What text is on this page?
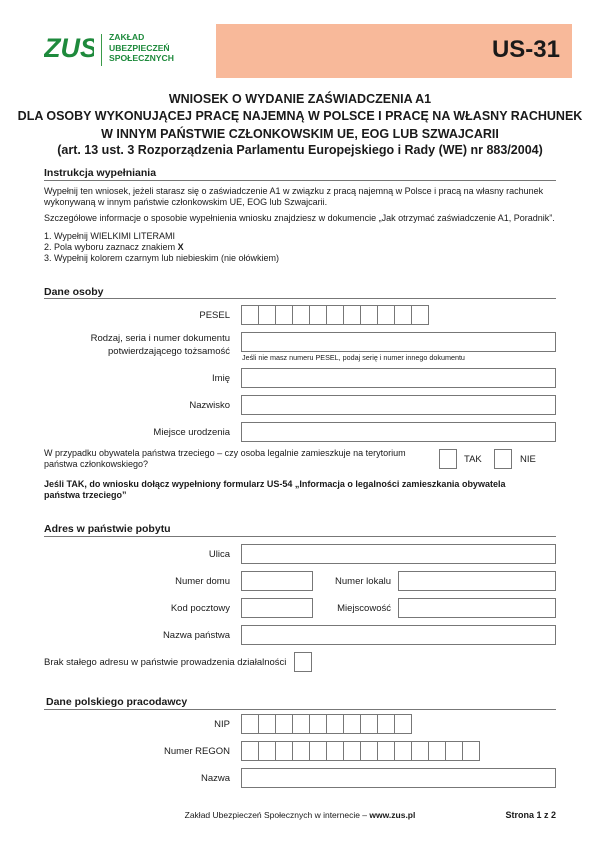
ZUS ZAKŁAD
UBEZPIECZEŃ
SPOŁECZNYCH	US-31
WNIOSEK O WYDANIE ZAŚWIADCZENIA A1
DLA OSOBY WYKONUJĄCEJ PRACĘ NAJEMNĄ W POLSCE I PRACĘ NA WŁASNY RACHUNEK
W INNYM PAŃSTWIE CZŁONKOWSKIM UE, EOG LUB SZWAJCARII
(art. 13 ust. 3 Rozporządzenia Parlamentu Europejskiego i Rady (WE) nr 883/2004)
Instrukcja wypełniania
Wypełnij ten wniosek, jeżeli starasz się o zaświadczenie A1 w związku z pracą najemną w Polsce i pracą na własny rachunek
wykonywaną w innym państwie członkowskim UE, EOG lub Szwajcarii.
Szczegółowe informacje o sposobie wypełnienia wniosku znajdziesz w dokumencie „Jak otrzymać zaświadczenie A1, Poradnik”.
1. Wypełnij WIELKIMI LITERAMI
2. Pola wyboru zaznacz znakiem X
3. Wypełnij kolorem czarnym lub niebieskim (nie ołówkiem)
Dane osoby
PESEL
Rodzaj, seria i numer dokumentu
potwierdzającego tożsamość
Jeśli nie masz numeru PESEL, podaj serię i numer innego dokumentu
Imię
Nazwisko
Miejsce urodzenia
W przypadku obywatela państwa trzeciego – czy osoba legalnie zamieszkuje na terytorium
państwa członkowskiego?	TAK	NIE
Jeśli TAK, do wniosku dołącz wypełniony formularz US-54 „Informacja o legalności zamieszkania obywatela
państwa trzeciego”
Adres w państwie pobytu
Ulica
Numer domu	Numer lokalu
Kod pocztowy	Miejscowość
Nazwa państwa
Brak stałego adresu w państwie prowadzenia działalności
Dane polskiego pracodawcy
NIP
Numer REGON
Nazwa
Zakład Ubezpieczeń Społecznych w internecie – www.zus.pl	Strona 1 z 2
